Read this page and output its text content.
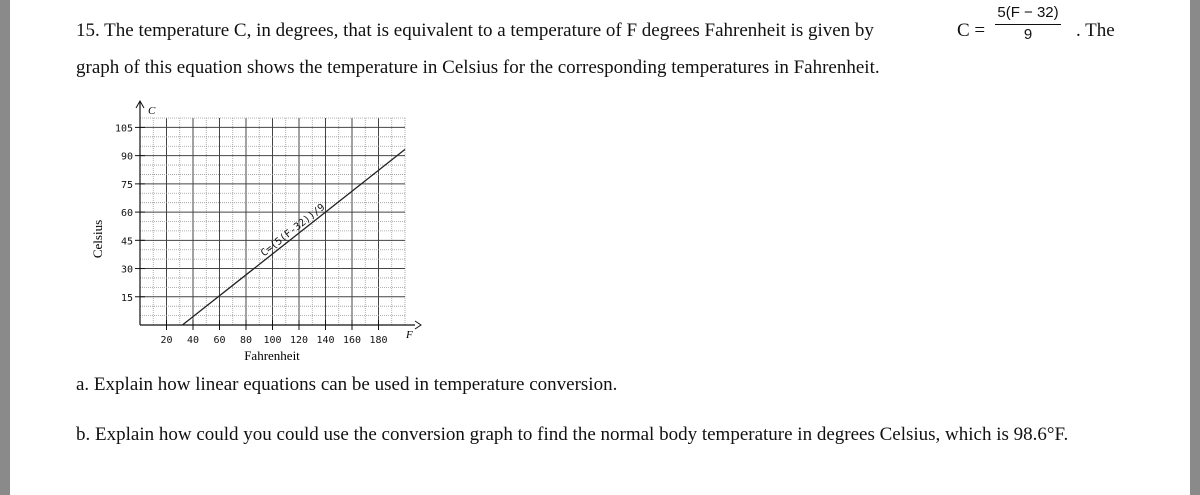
15. The temperature C, in degrees, that is equivalent to a temperature of F degrees Fahrenheit is given by	C =
5(F − 32)
9	. The
graph of this equation shows the temperature in Celsius for the corresponding temperatures in Fahrenheit.
15
30
45
60
75
90
105
20 40 60 80 100 120 140 160 180
C=(5(F-32))/9
Celsius
Fahrenheit
C
F
a. Explain how linear equations can be used in temperature conversion.
b. Explain how could you could use the conversion graph to find the normal body temperature in degrees Celsius, which is 98.6°F.
